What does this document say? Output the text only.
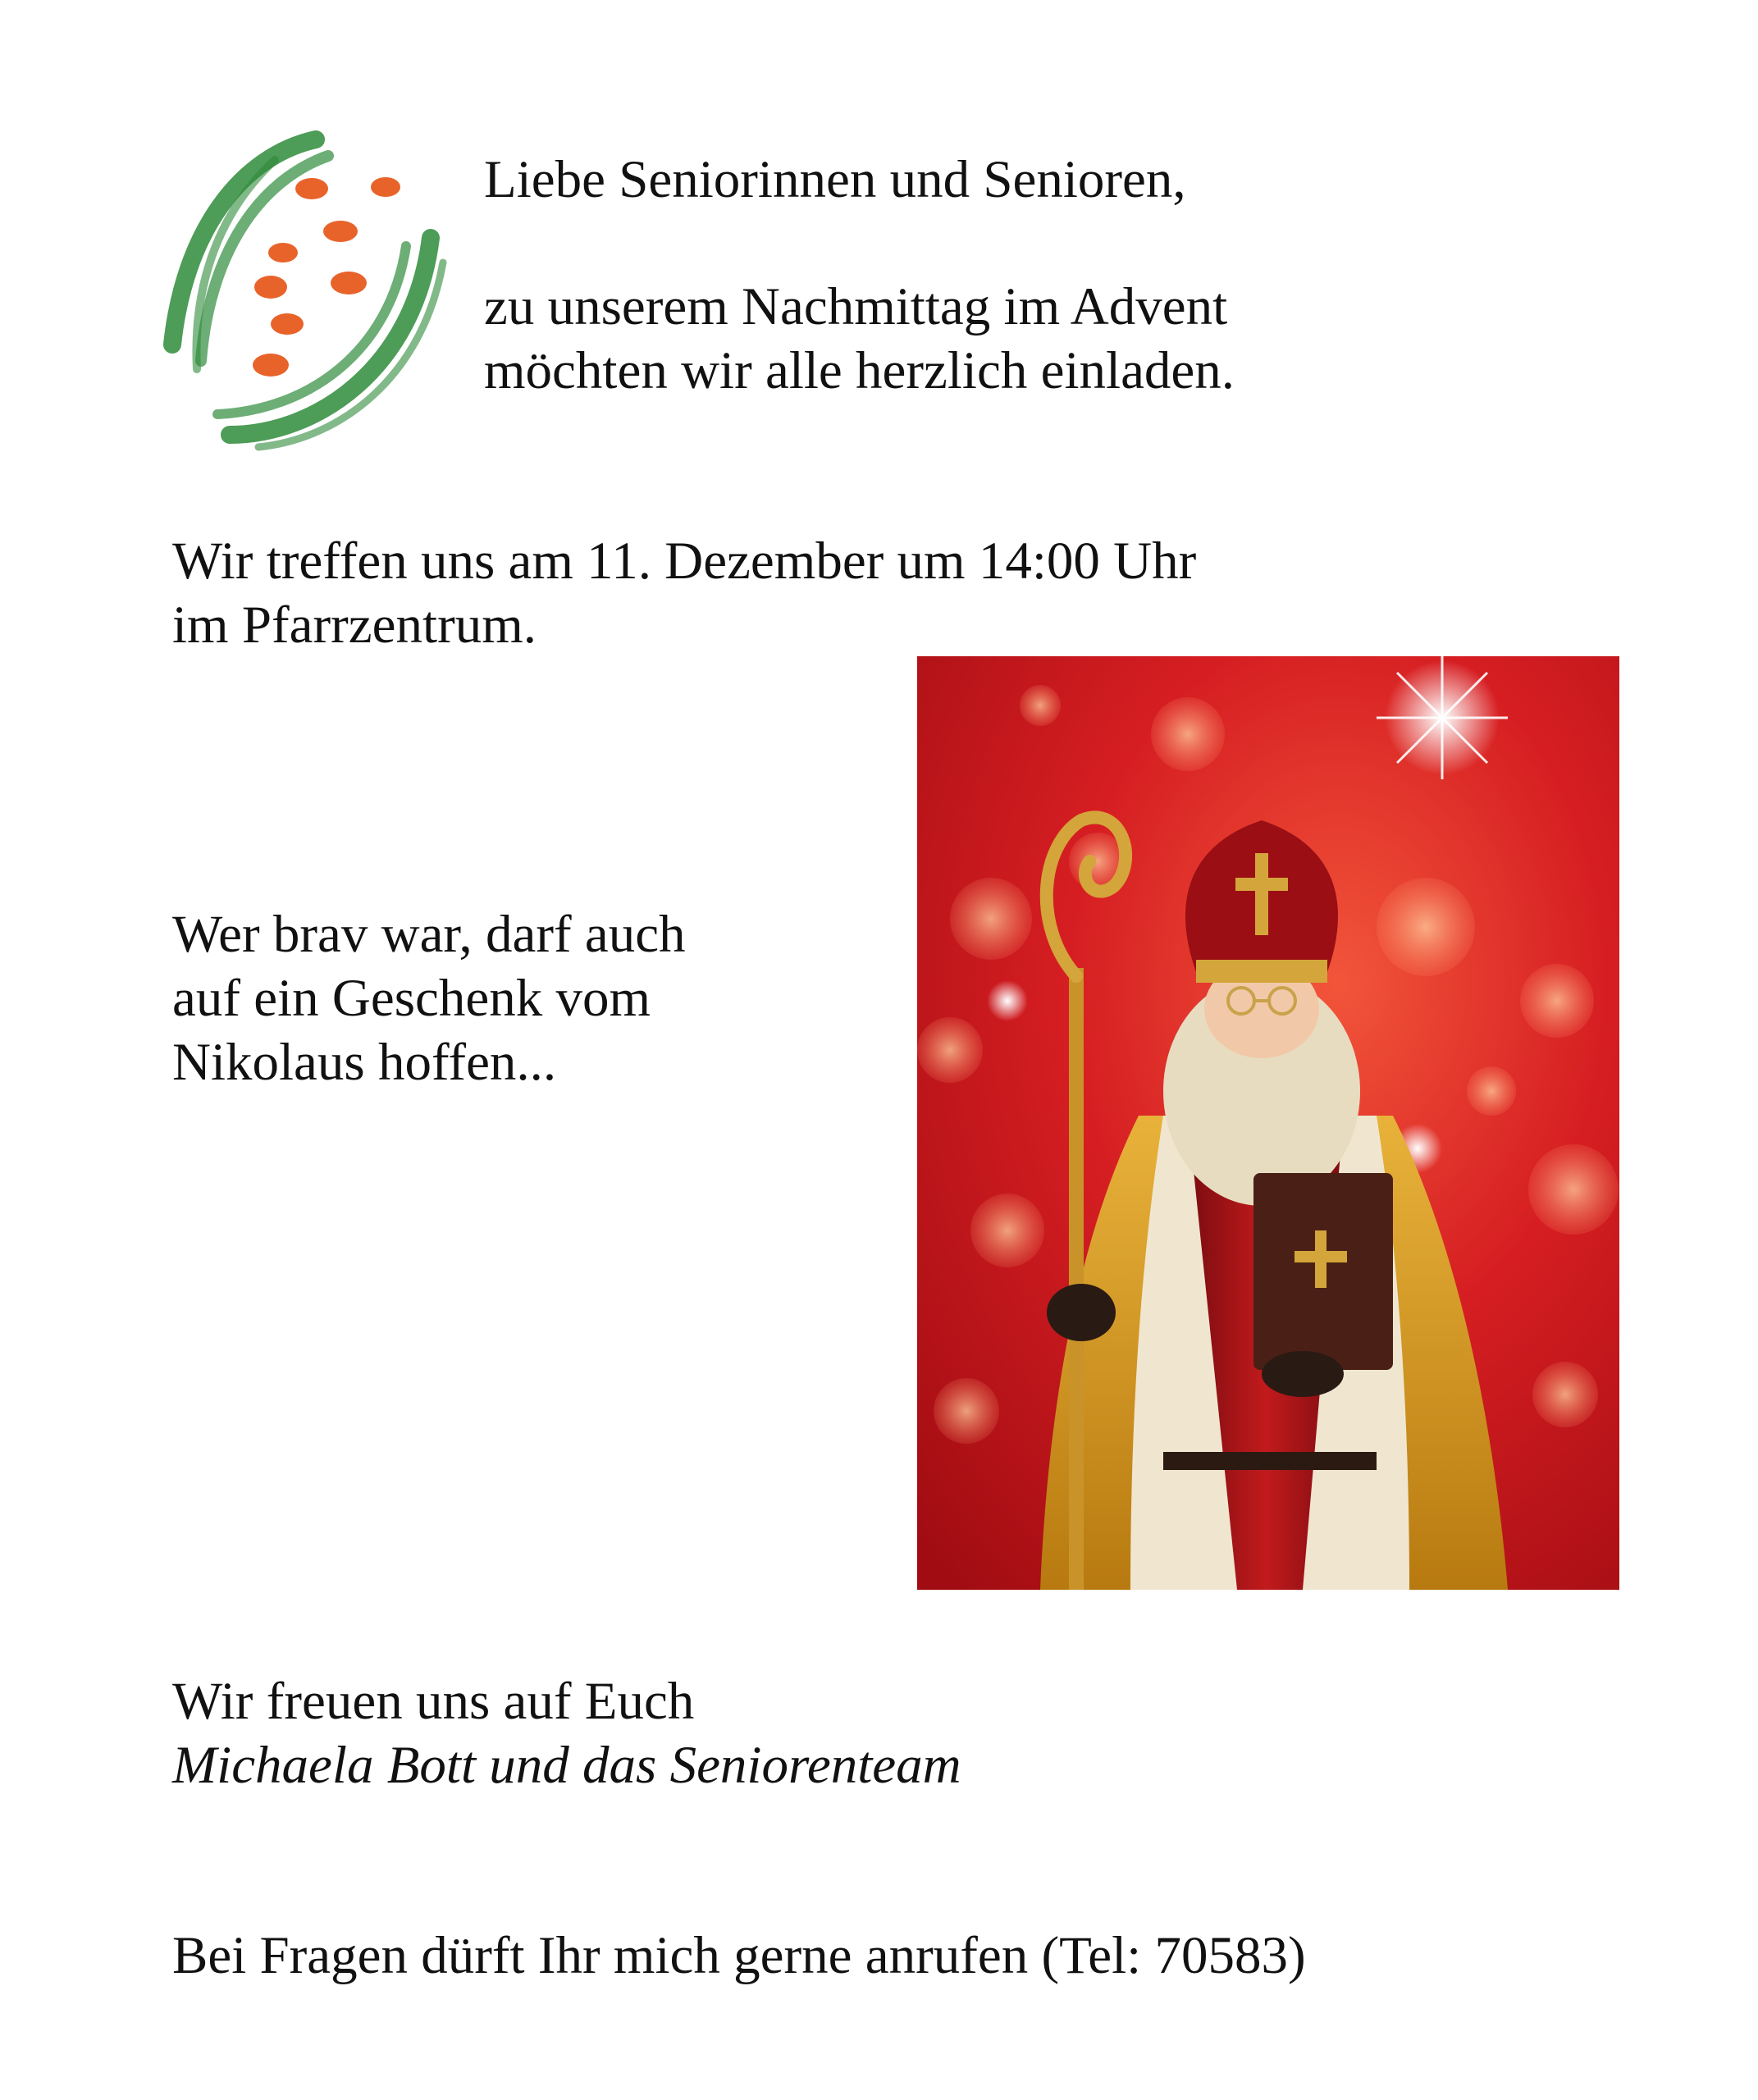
Liebe Seniorinnen und Senioren,

zu unserem Nachmittag im Advent

möchten wir alle herzlich einladen.

Wir treffen uns am 11. Dezember um 14:00 Uhr

im Pfarrzentrum.

Wer brav war, darf auch

auf ein Geschenk vom

Nikolaus hoffen...

Wir freuen uns auf Euch

Michaela Bott und das Seniorenteam

Bei Fragen dürft Ihr mich gerne anrufen (Tel: 70583)
